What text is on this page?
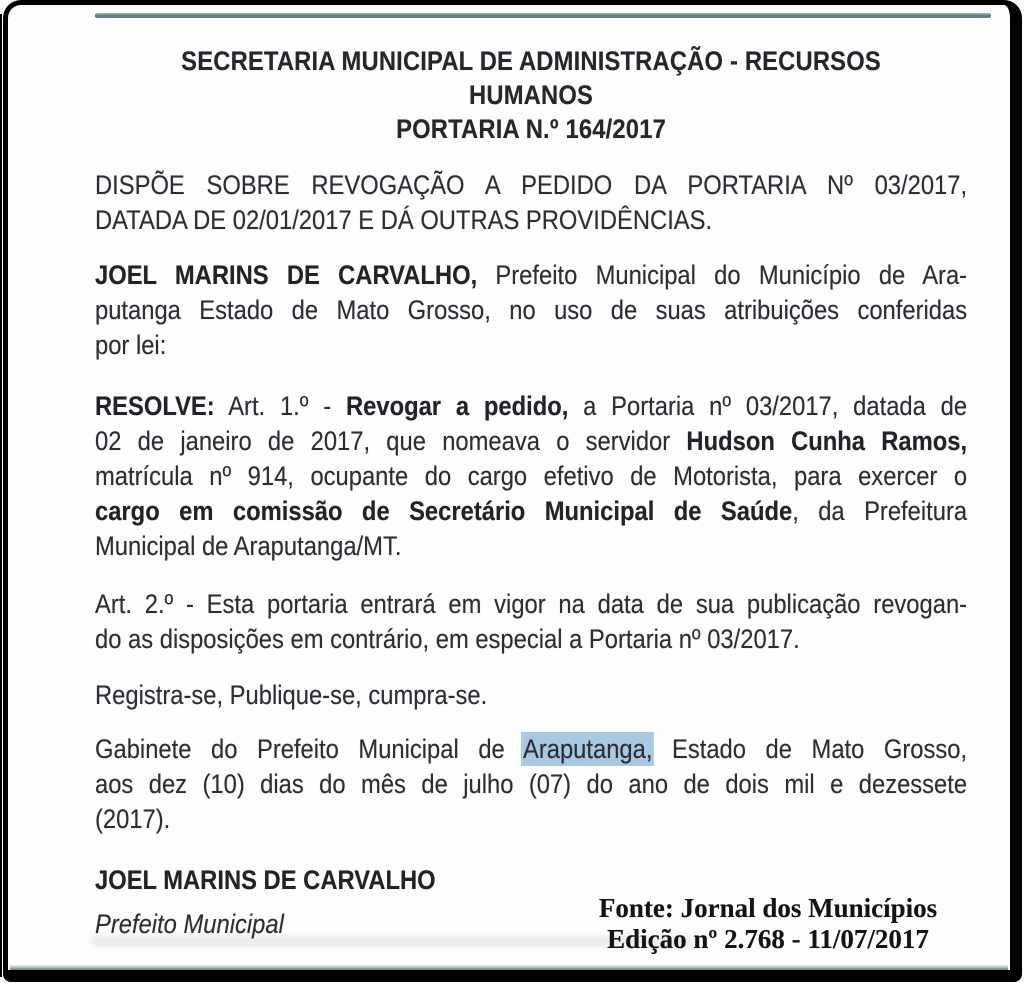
SECRETARIA MUNICIPAL DE ADMINISTRAÇÃO - RECURSOS
HUMANOS
PORTARIA N.º 164/2017
DISPÕE SOBRE REVOGAÇÃO A PEDIDO DA PORTARIA Nº 03/2017,
DATADA DE 02/01/2017 E DÁ OUTRAS PROVIDÊNCIAS.
JOEL MARINS DE CARVALHO, Prefeito Municipal do Município de Ara-
putanga Estado de Mato Grosso, no uso de suas atribuições conferidas
por lei:
RESOLVE: Art. 1.º - Revogar a pedido, a Portaria nº 03/2017, datada de
02 de janeiro de 2017, que nomeava o servidor Hudson Cunha Ramos,
matrícula nº 914, ocupante do cargo efetivo de Motorista, para exercer o
cargo em comissão de Secretário Municipal de Saúde, da Prefeitura
Municipal de Araputanga/MT.
Art. 2.º - Esta portaria entrará em vigor na data de sua publicação revogan-
do as disposições em contrário, em especial a Portaria nº 03/2017.
Registra-se, Publique-se, cumpra-se.
Gabinete do Prefeito Municipal de Araputanga, Estado de Mato Grosso,
aos dez (10) dias do mês de julho (07) do ano de dois mil e dezessete
(2017).
JOEL MARINS DE CARVALHO
Prefeito Municipal
Fonte: Jornal dos Municípios
Edição nº 2.768 - 11/07/2017
